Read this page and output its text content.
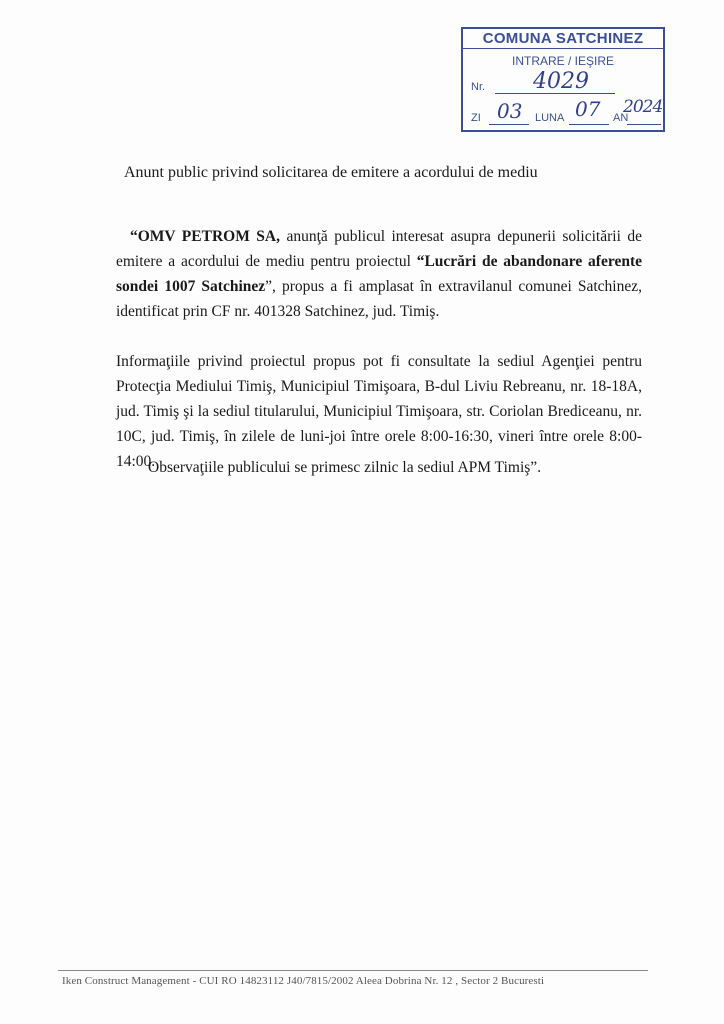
COMUNA SATCHINEZ
INTRARE / IEŞIRE
Nr. 4029
ZI 03 LUNA 07 AN
2024
Anunt public privind solicitarea de emitere a acordului de mediu
“OMV PETROM SA, anunţă publicul interesat asupra depunerii solicitării de emitere a acordului de mediu pentru proiectul “Lucrări de abandonare aferente sondei 1007 Satchinez”, propus a fi amplasat în extravilanul comunei Satchinez, identificat prin CF nr. 401328 Satchinez, jud. Timiş.
Informaţiile privind proiectul propus pot fi consultate la sediul Agenţiei pentru Protecţia Mediului Timiş, Municipiul Timişoara, B-dul Liviu Rebreanu, nr. 18-18A, jud. Timiş şi la sediul titularului, Municipiul Timişoara, str. Coriolan Brediceanu, nr. 10C, jud. Timiş, în zilele de luni-joi între orele 8:00-16:30, vineri între orele 8:00-14:00.
Observaţiile publicului se primesc zilnic la sediul APM Timiş”.
Iken Construct Management - CUI RO 14823112 J40/7815/2002 Aleea Dobrina Nr. 12 , Sector 2 Bucuresti
